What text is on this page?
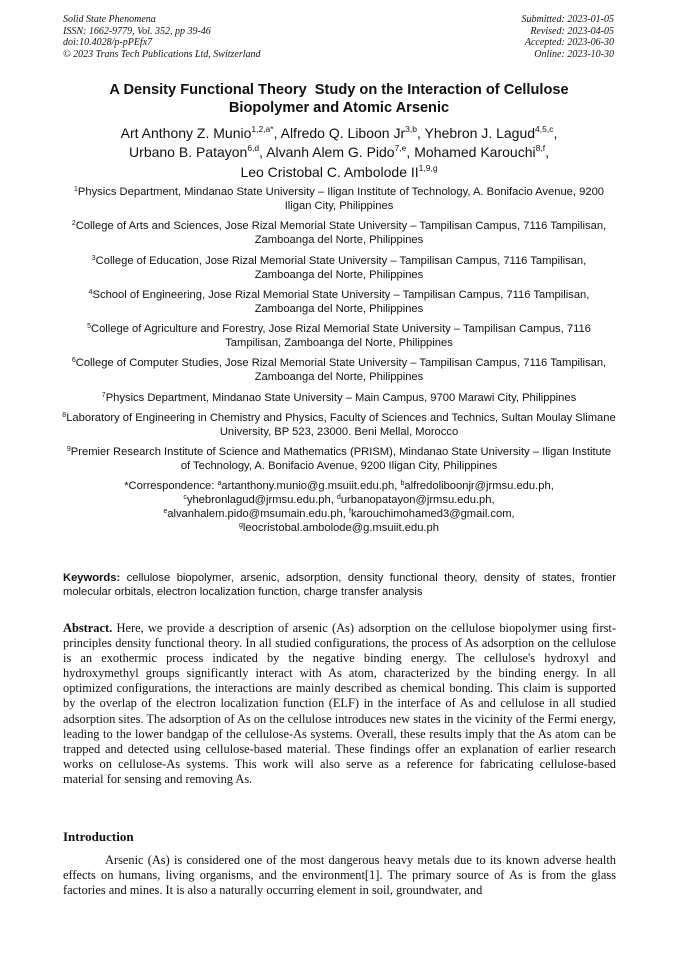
Solid State Phenomena
ISSN: 1662-9779, Vol. 352, pp 39-46
doi:10.4028/p-pPEfx7
© 2023 Trans Tech Publications Ltd, Switzerland
Submitted: 2023-01-05
Revised: 2023-04-05
Accepted: 2023-06-30
Online: 2023-10-30
A Density Functional Theory  Study on the Interaction of Cellulose
Biopolymer and Atomic Arsenic
Art Anthony Z. Munio$^{1,2,a*}$, Alfredo Q. Liboon Jr$^{3,b}$, Yhebron J. Lagud$^{4,5,c}$,
Urbano B. Patayon$^{6,d}$, Alvanh Alem G. Pido$^{7,e}$, Mohamed Karouchi$^{8,f}$,
Leo Cristobal C. Ambolode II$^{1,9,g}$
$^1$Physics Department, Mindanao State University – Iligan Institute of Technology, A. Bonifacio Avenue, 9200 Iligan City, Philippines
$^2$College of Arts and Sciences, Jose Rizal Memorial State University – Tampilisan Campus, 7116 Tampilisan, Zamboanga del Norte, Philippines
$^3$College of Education, Jose Rizal Memorial State University – Tampilisan Campus, 7116 Tampilisan, Zamboanga del Norte, Philippines
$^4$School of Engineering, Jose Rizal Memorial State University – Tampilisan Campus, 7116 Tampilisan, Zamboanga del Norte, Philippines
$^5$College of Agriculture and Forestry, Jose Rizal Memorial State University – Tampilisan Campus, 7116 Tampilisan, Zamboanga del Norte, Philippines
$^6$College of Computer Studies, Jose Rizal Memorial State University – Tampilisan Campus, 7116 Tampilisan, Zamboanga del Norte, Philippines
$^7$Physics Department, Mindanao State University – Main Campus, 9700 Marawi City, Philippines
$^8$Laboratory of Engineering in Chemistry and Physics, Faculty of Sciences and Technics, Sultan Moulay Slimane University, BP 523, 23000. Beni Mellal, Morocco
$^9$Premier Research Institute of Science and Mathematics (PRISM), Mindanao State University – Iligan Institute of Technology, A. Bonifacio Avenue, 9200 Iligan City, Philippines
*Correspondence: $^a$artanthony.munio@g.msuiit.edu.ph, $^b$alfredoliboonjr@jrmsu.edu.ph,
$^c$yhebronlagud@jrmsu.edu.ph, $^d$urbanopatayon@jrmsu.edu.ph,
$^e$alvanhalem.pido@msumain.edu.ph, $^f$karouchimohamed3@gmail.com,
$^g$leocristobal.ambolode@g.msuiit.edu.ph
Keywords: cellulose biopolymer, arsenic, adsorption, density functional theory, density of states, frontier molecular orbitals, electron localization function, charge transfer analysis
Abstract. Here, we provide a description of arsenic (As) adsorption on the cellulose biopolymer using first-principles density functional theory. In all studied configurations, the process of As adsorption on the cellulose is an exothermic process indicated by the negative binding energy. The cellulose's hydroxyl and hydroxymethyl groups significantly interact with As atom, characterized by the binding energy. In all optimized configurations, the interactions are mainly described as chemical bonding. This claim is supported by the overlap of the electron localization function (ELF) in the interface of As and cellulose in all studied adsorption sites. The adsorption of As on the cellulose introduces new states in the vicinity of the Fermi energy, leading to the lower bandgap of the cellulose-As systems. Overall, these results imply that the As atom can be trapped and detected using cellulose-based material. These findings offer an explanation of earlier research works on cellulose-As systems. This work will also serve as a reference for fabricating cellulose-based material for sensing and removing As.
Introduction
Arsenic (As) is considered one of the most dangerous heavy metals due to its known adverse health effects on humans, living organisms, and the environment[1]. The primary source of As is from the glass factories and mines. It is also a naturally occurring element in soil, groundwater, and
